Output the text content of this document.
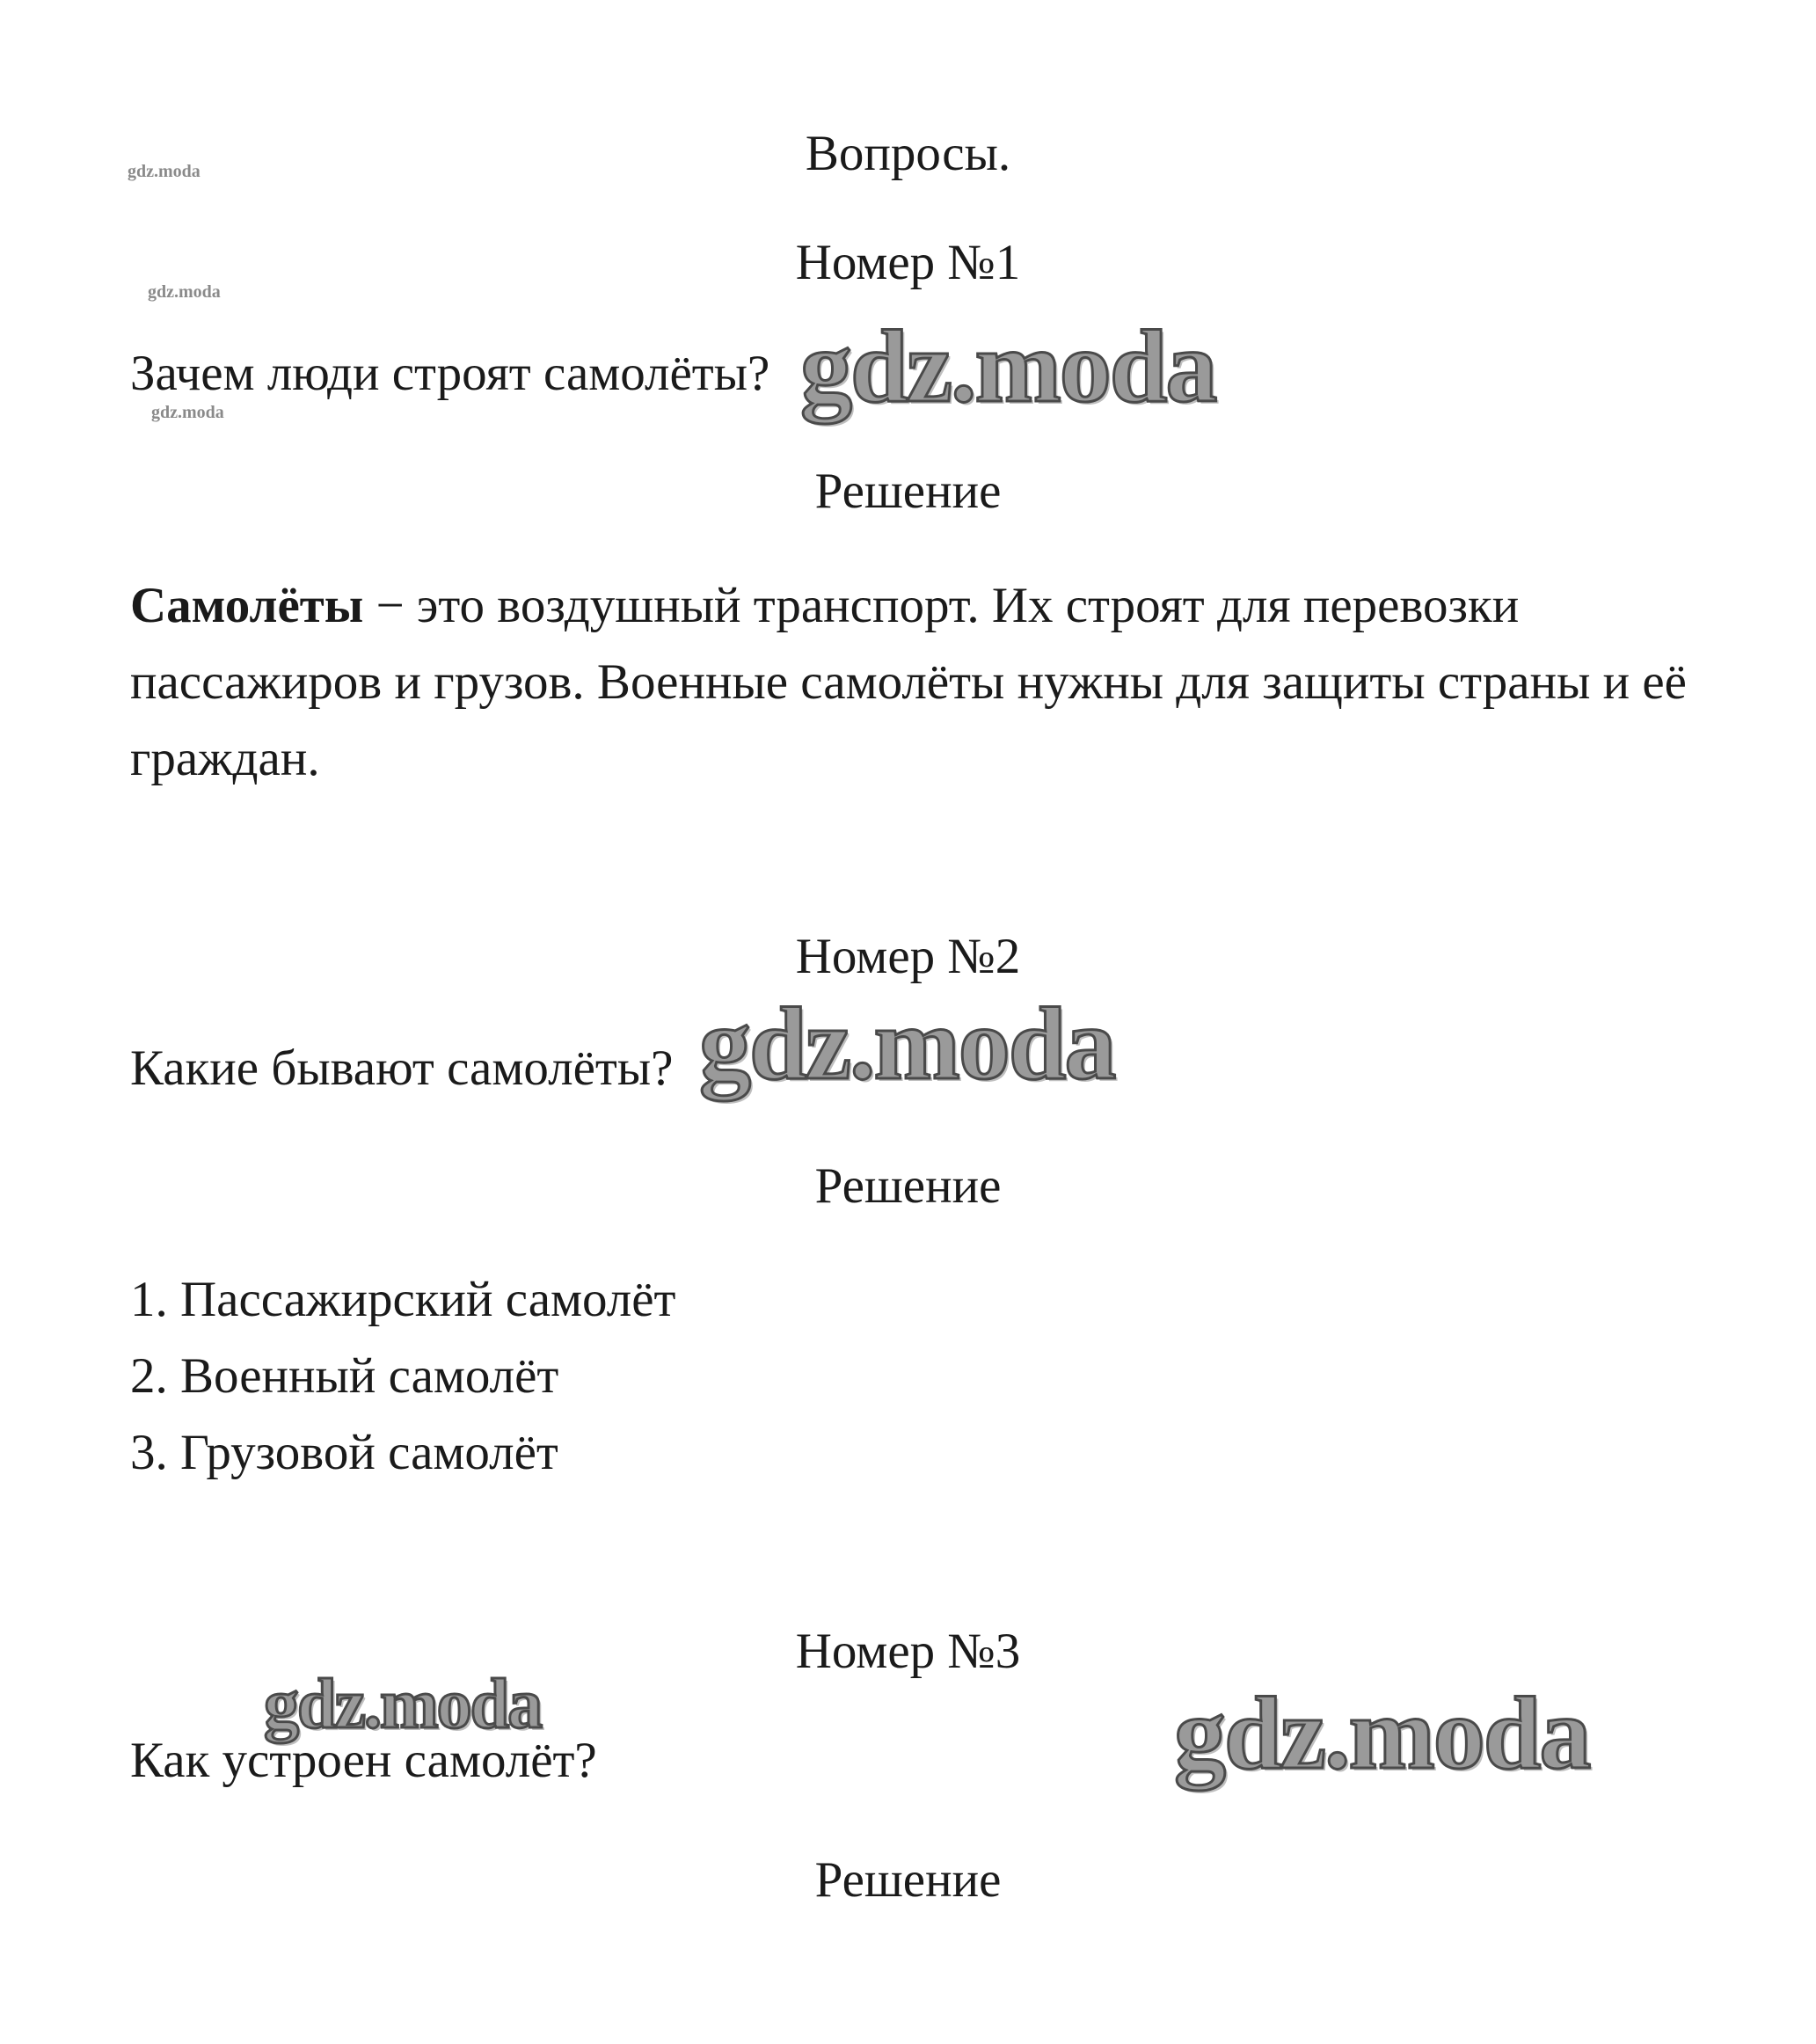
gdz.moda
gdz.moda
gdz.moda
Вопросы.
Номер №1
Зачем люди строят самолёты? gdz.moda
Решение
Самолёты − это воздушный транспорт. Их строят для перевозки пассажиров и грузов. Военные самолёты нужны для защиты страны и её граждан.
Номер №2
Какие бывают самолёты? gdz.moda
Решение
1. Пассажирский самолёт
2. Военный самолёт
3. Грузовой самолёт
Номер №3
gdz.moda	gdz.moda
Как устроен самолёт?
Решение
